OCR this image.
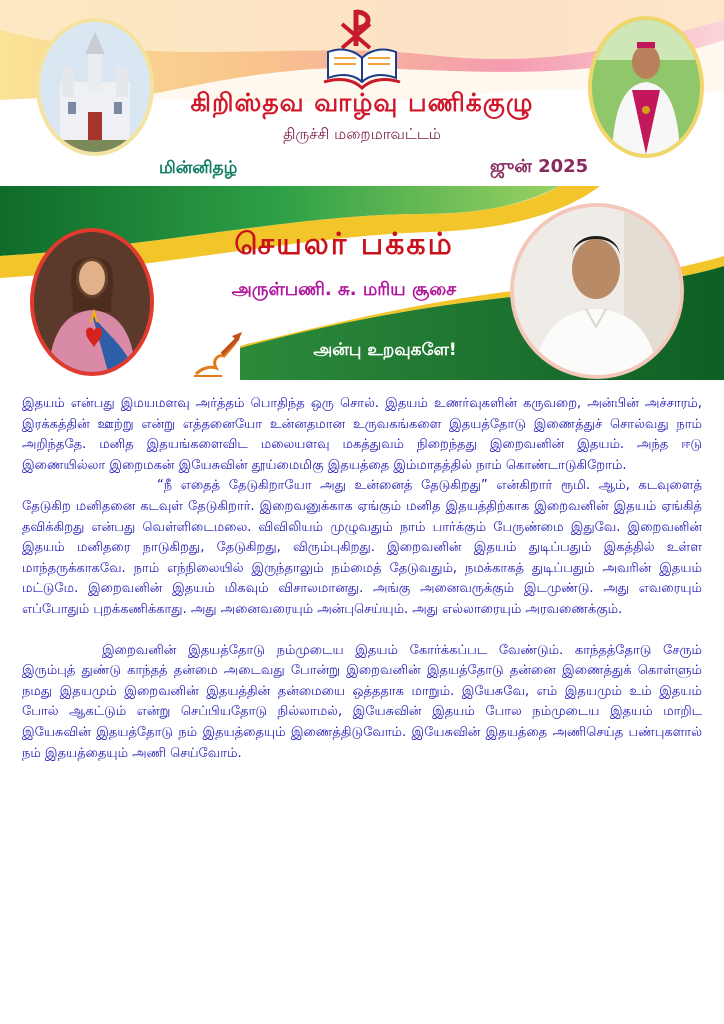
கிறிஸ்தவ வாழ்வு பணிக்குழு
திருச்சி மறைமாவட்டம்
மின்னிதழ்	ஜுன் 2025
செயலர் பக்கம்
அருள்பணி. சு. மரிய சூசை
அன்பு உறவுகளே!

இதயம் என்பது இமயமளவு அர்த்தம் பொதிந்த ஒரு சொல். இதயம் உணர்வுகளின் கருவறை, அன்பின் அச்சாரம், இரக்கத்தின் ஊற்று என்று எத்தனையோ உன்னதமான உருவகங்களை இதயத்தோடு இணைத்துச் சொல்வது நாம் அறிந்ததே. மனித இதயங்களைவிட மலையளவு மகத்துவம் நிறைந்தது இறைவனின் இதயம். அந்த ஈடு இணையில்லா இறைமகன் இயேசுவின் தூய்மைமிகு இதயத்தை இம்மாதத்தில் நாம் கொண்டாடுகிறோம்.

“நீ எதைத் தேடுகிறாயோ அது உன்னைத் தேடுகிறது” என்கிறார் ரூமி. ஆம், கடவுளைத் தேடுகிற மனிதனை கடவுள் தேடுகிறார். இறைவனுக்காக ஏங்கும் மனித இதயத்திற்காக இறைவனின் இதயம் ஏங்கித் தவிக்கிறது என்பது வெள்ளிடைமலை. விவிலியம் முழுவதும் நாம் பார்க்கும் பேருண்மை இதுவே. இறைவனின் இதயம் மனிதரை நாடுகிறது, தேடுகிறது, விரும்புகிறது. இறைவனின் இதயம் துடிப்பதும் இகத்தில் உள்ள மாந்தருக்காகவே. நாம் எந்நிலையில் இருந்தாலும் நம்மைத் தேடுவதும், நமக்காகத் துடிப்பதும் அவரின் இதயம் மட்டுமே. இறைவனின் இதயம் மிகவும் விசாலமானது. அங்கு அனைவருக்கும் இடமுண்டு. அது எவரையும் எப்போதும் புறக்கணிக்காது. அது அனைவரையும் அன்புசெய்யும். அது எல்லாரையும் அரவணைக்கும்.

இறைவனின் இதயத்தோடு நம்முடைய இதயம் கோர்க்கப்பட வேண்டும். காந்தத்தோடு சேரும் இரும்புத் துண்டு காந்தத் தன்மை அடைவது போன்று இறைவனின் இதயத்தோடு தன்னை இணைத்துக் கொள்ளும் நமது இதயமும் இறைவனின் இதயத்தின் தன்மையை ஒத்ததாக மாறும். இயேசுவே, எம் இதயமும் உம் இதயம் போல் ஆகட்டும் என்று செப்பியதோடு நில்லாமல், இயேசுவின் இதயம் போல நம்முடைய இதயம் மாறிட இயேசுவின் இதயத்தோடு நம் இதயத்தையும் இணைத்திடுவோம். இயேசுவின் இதயத்தை அணிசெய்த பண்புகளால் நம் இதயத்தையும் அணி செய்வோம்.
